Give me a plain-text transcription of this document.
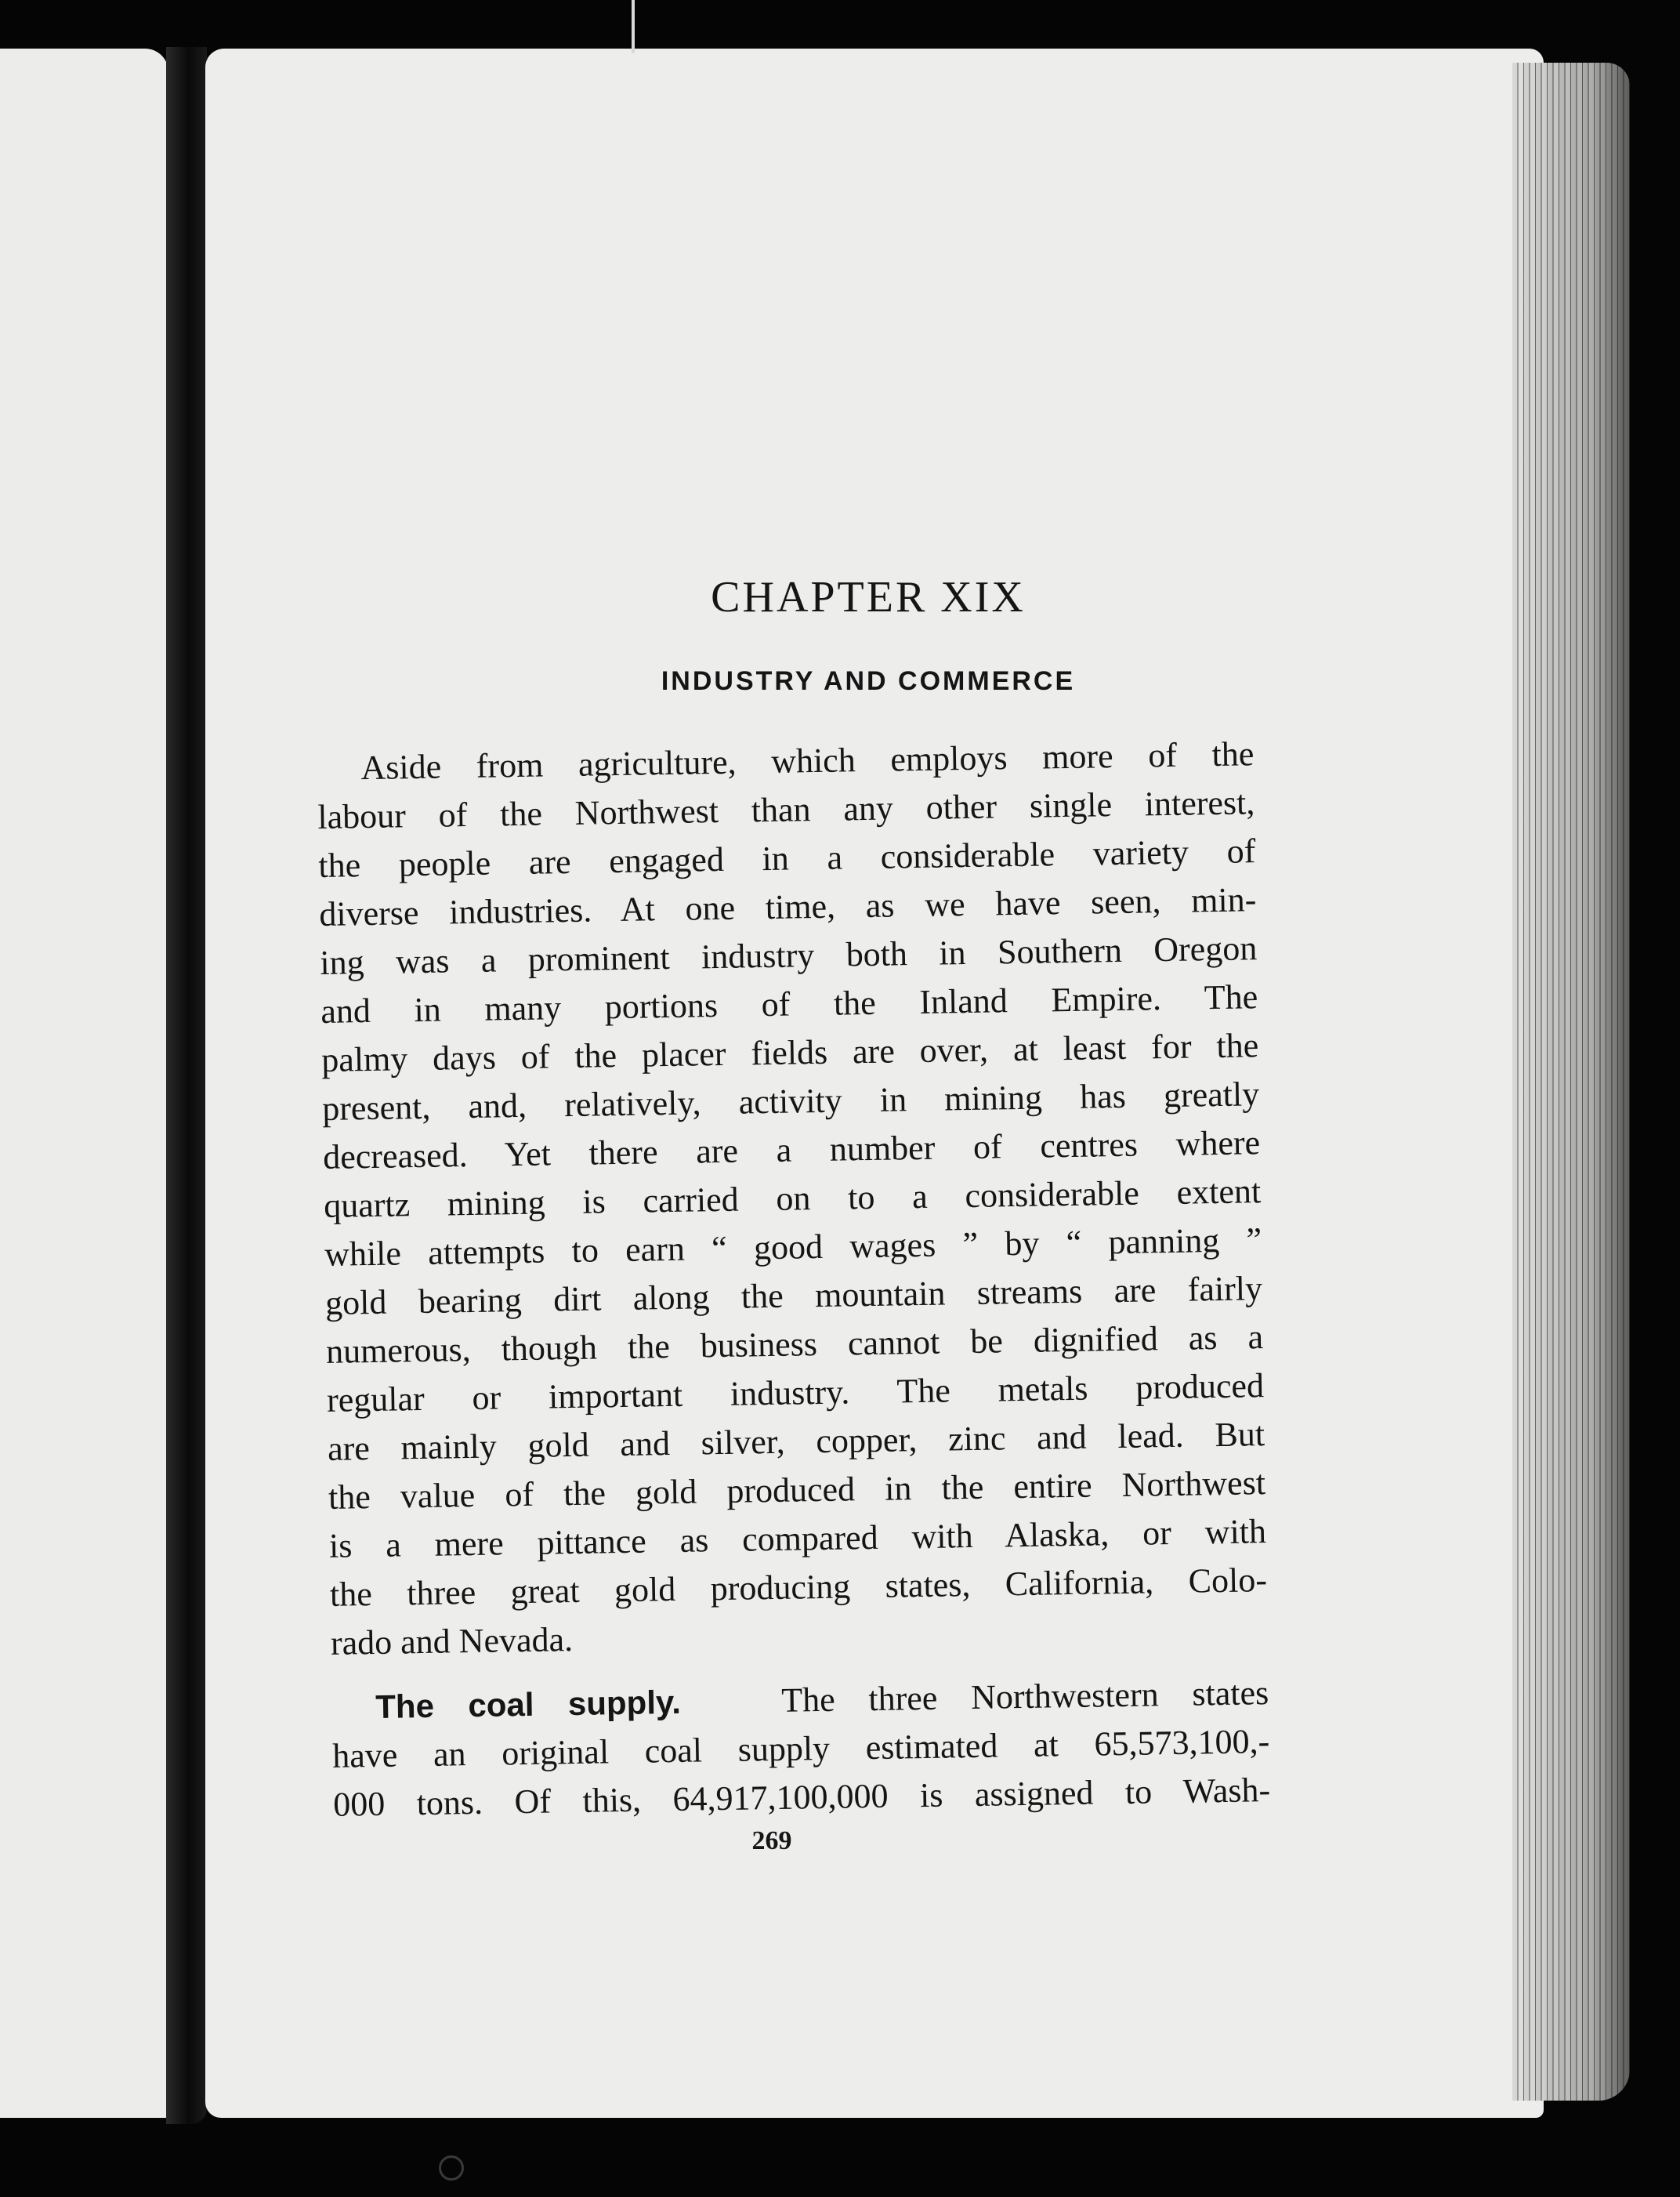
CHAPTER XIX
INDUSTRY AND COMMERCE
Aside from agriculture, which employs more of the
labour of the Northwest than any other single interest,
the people are engaged in a considerable variety of
diverse industries. At one time, as we have seen, min-
ing was a prominent industry both in Southern Oregon
and in many portions of the Inland Empire. The
palmy days of the placer fields are over, at least for the
present, and, relatively, activity in mining has greatly
decreased. Yet there are a number of centres where
quartz mining is carried on to a considerable extent
while attempts to earn “ good wages ” by “ panning ”
gold bearing dirt along the mountain streams are fairly
numerous, though the business cannot be dignified as a
regular or important industry. The metals produced
are mainly gold and silver, copper, zinc and lead. But
the value of the gold produced in the entire Northwest
is a mere pittance as compared with Alaska, or with
the three great gold producing states, California, Colo-
rado and Nevada.
The coal supply.	The three Northwestern states
have an original coal supply estimated at 65,573,100,-
000 tons. Of this, 64,917,100,000 is assigned to Wash-
269
